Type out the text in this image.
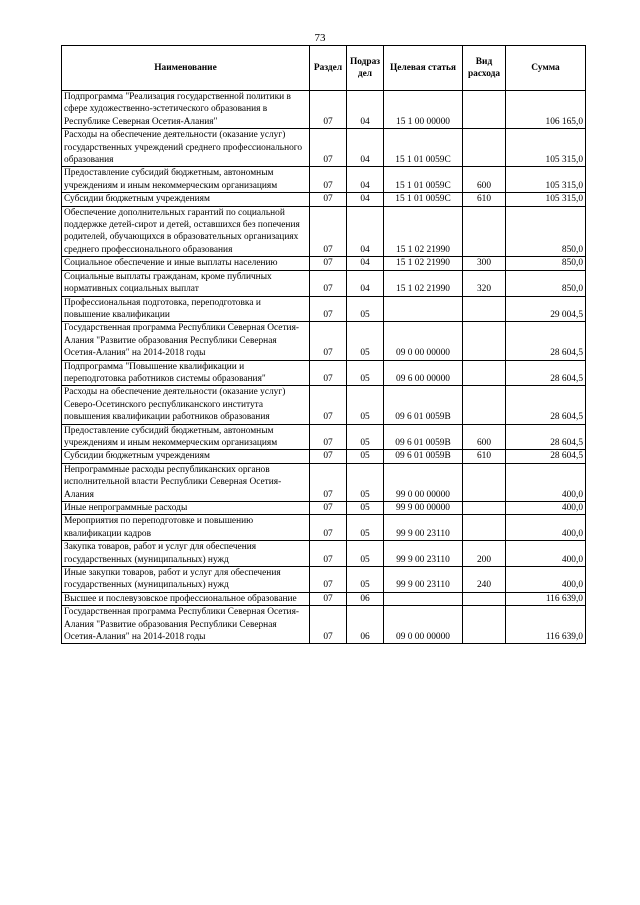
73
Наименование	Раздел	Подраз дел	Целевая статья	Вид расхода	Сумма
Подпрограмма "Реализация государственной политики в сфере художественно-эстетического образования в Республике Северная Осетия-Алания"	07	04	15 1 00 00000		106 165,0
Расходы на обеспечение деятельности (оказание услуг) государственных учреждений среднего профессионального образования	07	04	15 1 01 0059С		105 315,0
Предоставление субсидий бюджетным, автономным учреждениям и иным некоммерческим организациям	07	04	15 1 01 0059С	600	105 315,0
Субсидии бюджетным учреждениям	07	04	15 1 01 0059С	610	105 315,0
Обеспечение дополнительных гарантий по социальной поддержке детей-сирот и детей, оставшихся без попечения родителей, обучающихся в образовательных организациях среднего профессионального образования	07	04	15 1 02 21990		850,0
Социальное обеспечение и иные выплаты населению	07	04	15 1 02 21990	300	850,0
Социальные выплаты гражданам, кроме публичных нормативных социальных выплат	07	04	15 1 02 21990	320	850,0
Профессиональная подготовка, переподготовка и повышение квалификации	07	05			29 004,5
Государственная программа Республики Северная Осетия-Алания "Развитие образования Республики Северная Осетия-Алания" на 2014-2018 годы	07	05	09 0 00 00000		28 604,5
Подпрограмма "Повышение квалификации и переподготовка работников системы образования"	07	05	09 6 00 00000		28 604,5
Расходы на обеспечение деятельности (оказание услуг) Северо-Осетинского республиканского института повышения квалификации работников образования	07	05	09 6 01 0059В		28 604,5
Предоставление субсидий бюджетным, автономным учреждениям и иным некоммерческим организациям	07	05	09 6 01 0059В	600	28 604,5
Субсидии бюджетным учреждениям	07	05	09 6 01 0059В	610	28 604,5
Непрограммные расходы республиканских органов исполнительной власти Республики Северная Осетия-Алания	07	05	99 0 00 00000		400,0
Иные непрограммные расходы	07	05	99 9 00 00000		400,0
Мероприятия по переподготовке и повышению квалификации кадров	07	05	99 9 00 23110		400,0
Закупка товаров, работ и услуг для обеспечения государственных (муниципальных) нужд	07	05	99 9 00 23110	200	400,0
Иные закупки товаров, работ и услуг для обеспечения государственных (муниципальных) нужд	07	05	99 9 00 23110	240	400,0
Высшее и послевузовское профессиональное образование	07	06			116 639,0
Государственная программа Республики Северная Осетия-Алания "Развитие образования Республики Северная Осетия-Алания" на 2014-2018 годы	07	06	09 0 00 00000		116 639,0
